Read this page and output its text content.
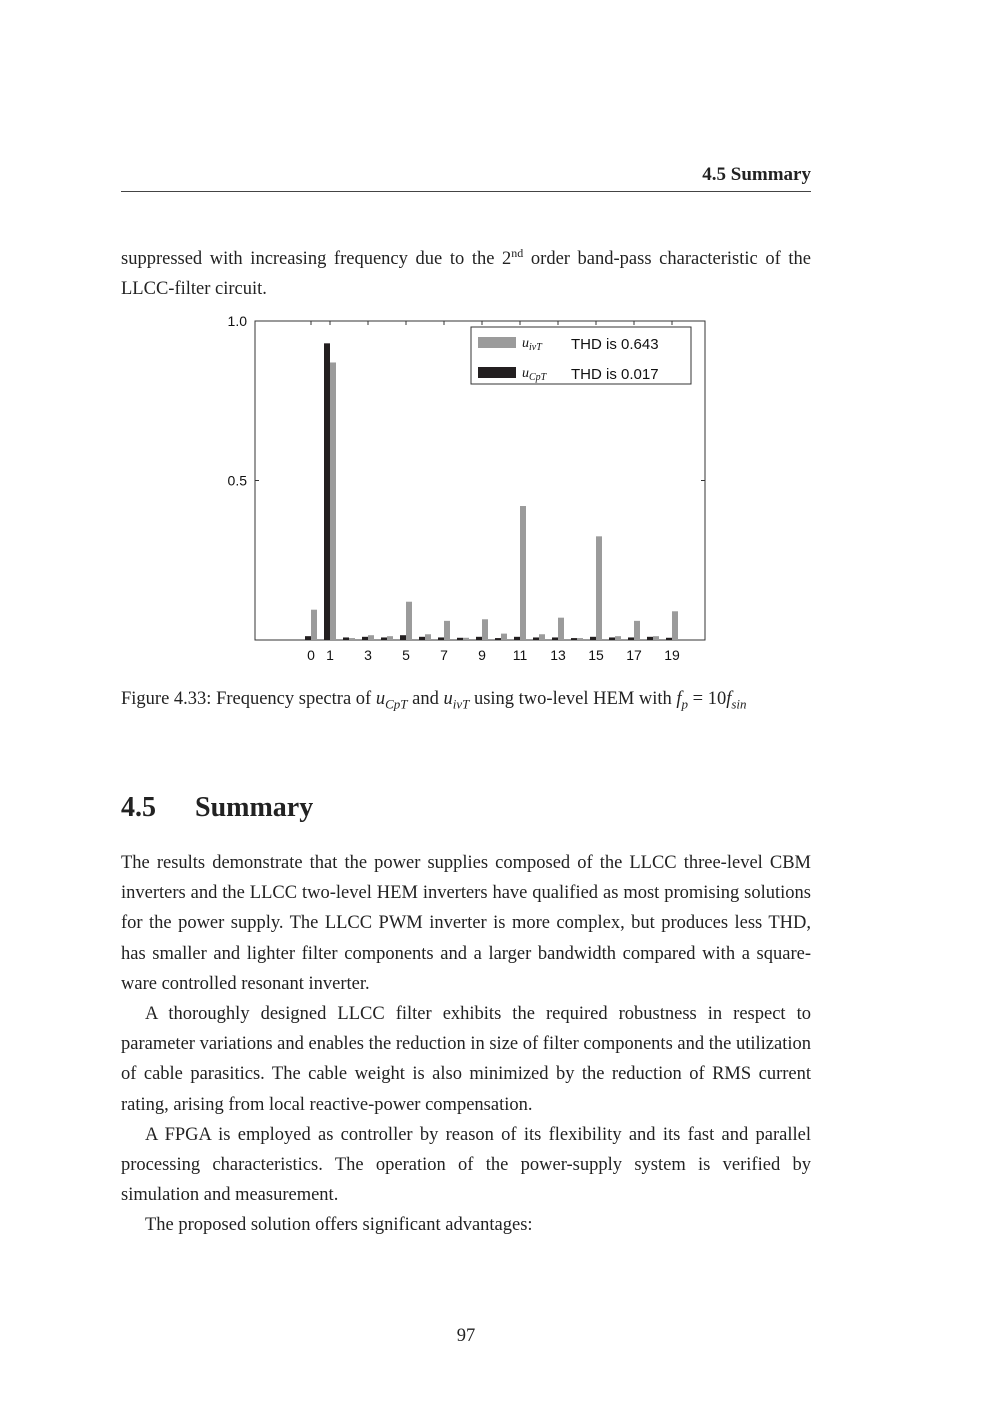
4.5 Summary

suppressed with increasing frequency due to the 2nd order band-pass characteristic of the LLCC-filter circuit.

1.0
0.5
0 1 3 5 7 9 11 13 15 17 19
$u_{ivT}$ THD is 0.643
$u_{CpT}$ THD is 0.017
Figure 4.33: Frequency spectra of $u_{CpT}$ and $u_{ivT}$ using two-level HEM with $f_p = 10f_{sin}$
4.5 Summary

The results demonstrate that the power supplies composed of the LLCC three-level CBM inverters and the LLCC two-level HEM inverters have qualified as most promising solutions for the power supply. The LLCC PWM inverter is more complex, but produces less THD, has smaller and lighter filter components and a larger bandwidth compared with a square-ware controlled resonant inverter.

A thoroughly designed LLCC filter exhibits the required robustness in respect to parameter variations and enables the reduction in size of filter components and the utilization of cable parasitics. The cable weight is also minimized by the reduction of RMS current rating, arising from local reactive-power compensation.

A FPGA is employed as controller by reason of its flexibility and its fast and parallel processing characteristics. The operation of the power-supply system is verified by simulation and measurement.

The proposed solution offers significant advantages:

97
